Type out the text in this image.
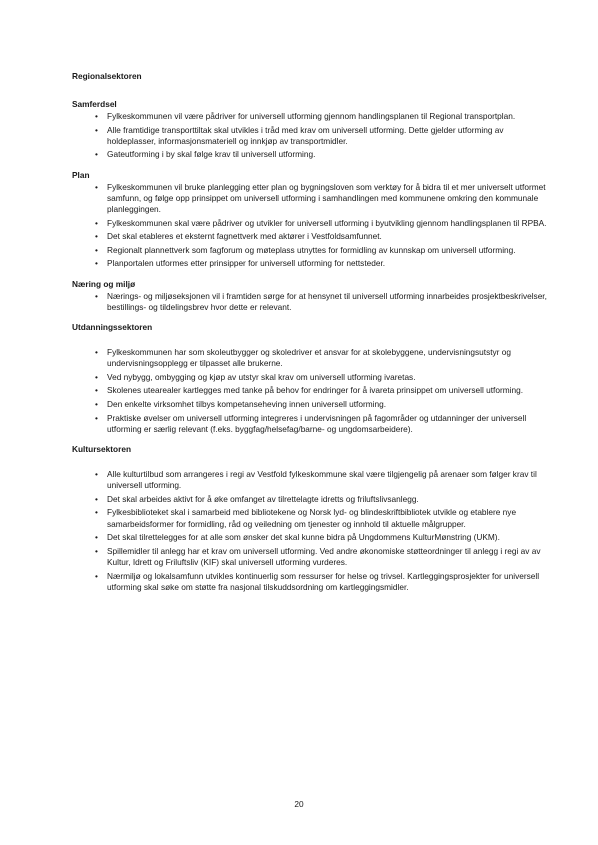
Regionalsektoren

Samferdsel

• Fylkeskommunen vil være pådriver for universell utforming gjennom handlingsplanen til Regional transportplan.
• Alle framtidige transporttiltak skal utvikles i tråd med krav om universell utforming. Dette gjelder utforming av holdeplasser, informasjonsmateriell og innkjøp av transportmidler.
• Gateutforming i by skal følge krav til universell utforming.

Plan

• Fylkeskommunen vil bruke planlegging etter plan og bygningsloven som verktøy for å bidra til et mer universelt utformet samfunn, og følge opp prinsippet om universell utforming i samhandlingen med kommunene omkring den kommunale planleggingen.
• Fylkeskommunen skal være pådriver og utvikler for universell utforming i byutvikling gjennom handlingsplanen til RPBA.
• Det skal etableres et eksternt fagnettverk med aktører i Vestfoldsamfunnet.
• Regionalt plannettverk som fagforum og møteplass utnyttes for formidling av kunnskap om universell utforming.
• Planportalen utformes etter prinsipper for universell utforming for nettsteder.

Næring og miljø

• Nærings- og miljøseksjonen vil i framtiden sørge for at hensynet til universell utforming innarbeides prosjektbeskrivelser, bestillings- og tildelingsbrev hvor dette er relevant.

Utdanningssektoren

• Fylkeskommunen har som skoleutbygger og skoledriver et ansvar for at skolebyggene, undervisningsutstyr og undervisningsopplegg er tilpasset alle brukerne.
• Ved nybygg, ombygging og kjøp av utstyr skal krav om universell utforming ivaretas.
• Skolenes utearealer kartlegges med tanke på behov for endringer for å ivareta prinsippet om universell utforming.
• Den enkelte virksomhet tilbys kompetanseheving innen universell utforming.
• Praktiske øvelser om universell utforming integreres i undervisningen på fagområder og utdanninger der universell utforming er særlig relevant (f.eks. byggfag/helsefag/barne- og ungdomsarbeidere).

Kultursektoren

• Alle kulturtilbud som arrangeres i regi av Vestfold fylkeskommune skal være tilgjengelig på arenaer som følger krav til universell utforming.
• Det skal arbeides aktivt for å øke omfanget av tilrettelagte idretts og friluftslivsanlegg.
• Fylkesbiblioteket skal i samarbeid med bibliotekene og Norsk lyd- og blindeskriftbibliotek utvikle og etablere nye samarbeidsformer for formidling, råd og veiledning om tjenester og innhold til aktuelle målgrupper.
• Det skal tilrettelegges for at alle som ønsker det skal kunne bidra på Ungdommens KulturMønstring (UKM).
• Spillemidler til anlegg har et krav om universell utforming. Ved andre økonomiske støtteordninger til anlegg i regi av av Kultur, Idrett og Friluftsliv (KIF) skal universell utforming vurderes.
• Nærmiljø og lokalsamfunn utvikles kontinuerlig som ressurser for helse og trivsel. Kartleggingsprosjekter for universell utforming skal søke om støtte fra nasjonal tilskuddsordning om kartleggingsmidler.
20
